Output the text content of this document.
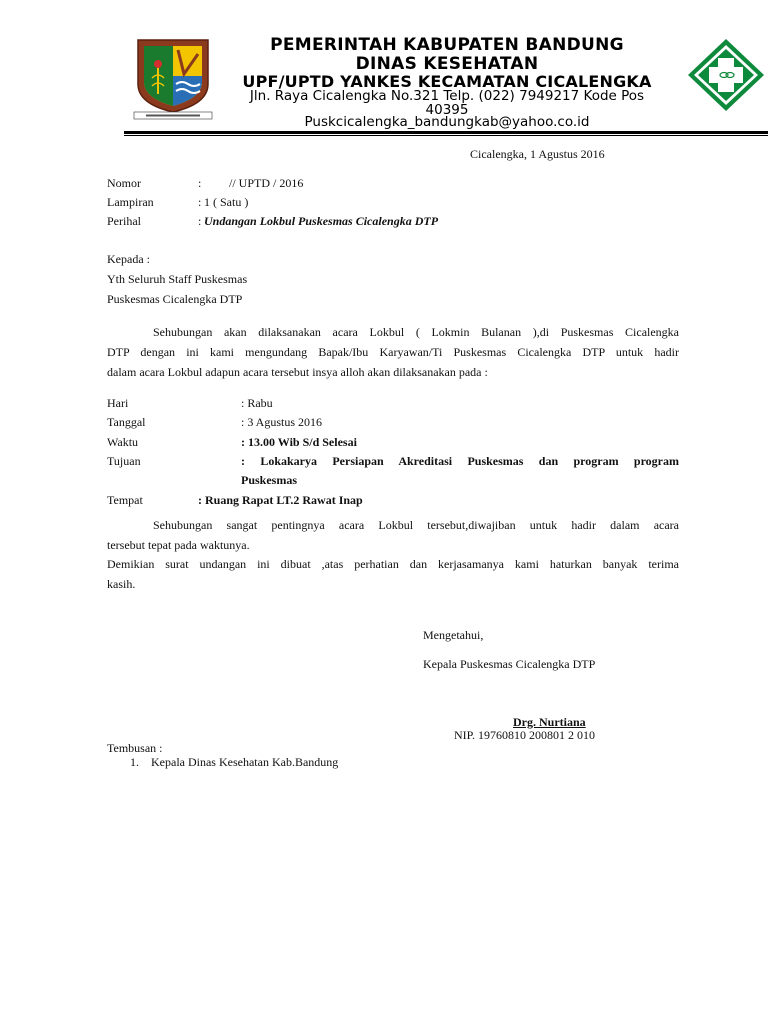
PEMERINTAH KABUPATEN BANDUNG
DINAS KESEHATAN
UPF/UPTD YANKES KECAMATAN CICALENGKA
Jln. Raya Cicalengka No.321 Telp. (022) 7949217 Kode Pos
40395
Puskcicalengka_bandungkab@yahoo.co.id
Cicalengka, 1 Agustus 2016
Nomor	: // UPTD / 2016
Lampiran	: 1 ( Satu )
Perihal	: Undangan Lokbul Puskesmas Cicalengka DTP
Kepada :
Yth Seluruh Staff Puskesmas
Puskesmas Cicalengka DTP
Sehubungan akan dilaksanakan acara Lokbul ( Lokmin Bulanan ),di Puskesmas Cicalengka
DTP dengan ini kami mengundang Bapak/Ibu Karyawan/Ti Puskesmas Cicalengka DTP untuk hadir
dalam acara Lokbul adapun acara tersebut insya alloh akan dilaksanakan pada :
Hari	: Rabu
Tanggal	: 3 Agustus 2016
Waktu	: 13.00 Wib S/d Selesai
Tujuan	: Lokakarya Persiapan Akreditasi Puskesmas dan program program
Puskesmas
Tempat	: Ruang Rapat LT.2 Rawat Inap
Sehubungan sangat pentingnya acara Lokbul tersebut,diwajiban untuk hadir dalam acara
tersebut tepat pada waktunya.
Demikian surat undangan ini dibuat ,atas perhatian dan kerjasamanya kami haturkan banyak terima
kasih.
Mengetahui,
Kepala Puskesmas Cicalengka DTP
Drg. Nurtiana
NIP. 19760810 200801 2 010
Tembusan :
1.    Kepala Dinas Kesehatan Kab.Bandung
